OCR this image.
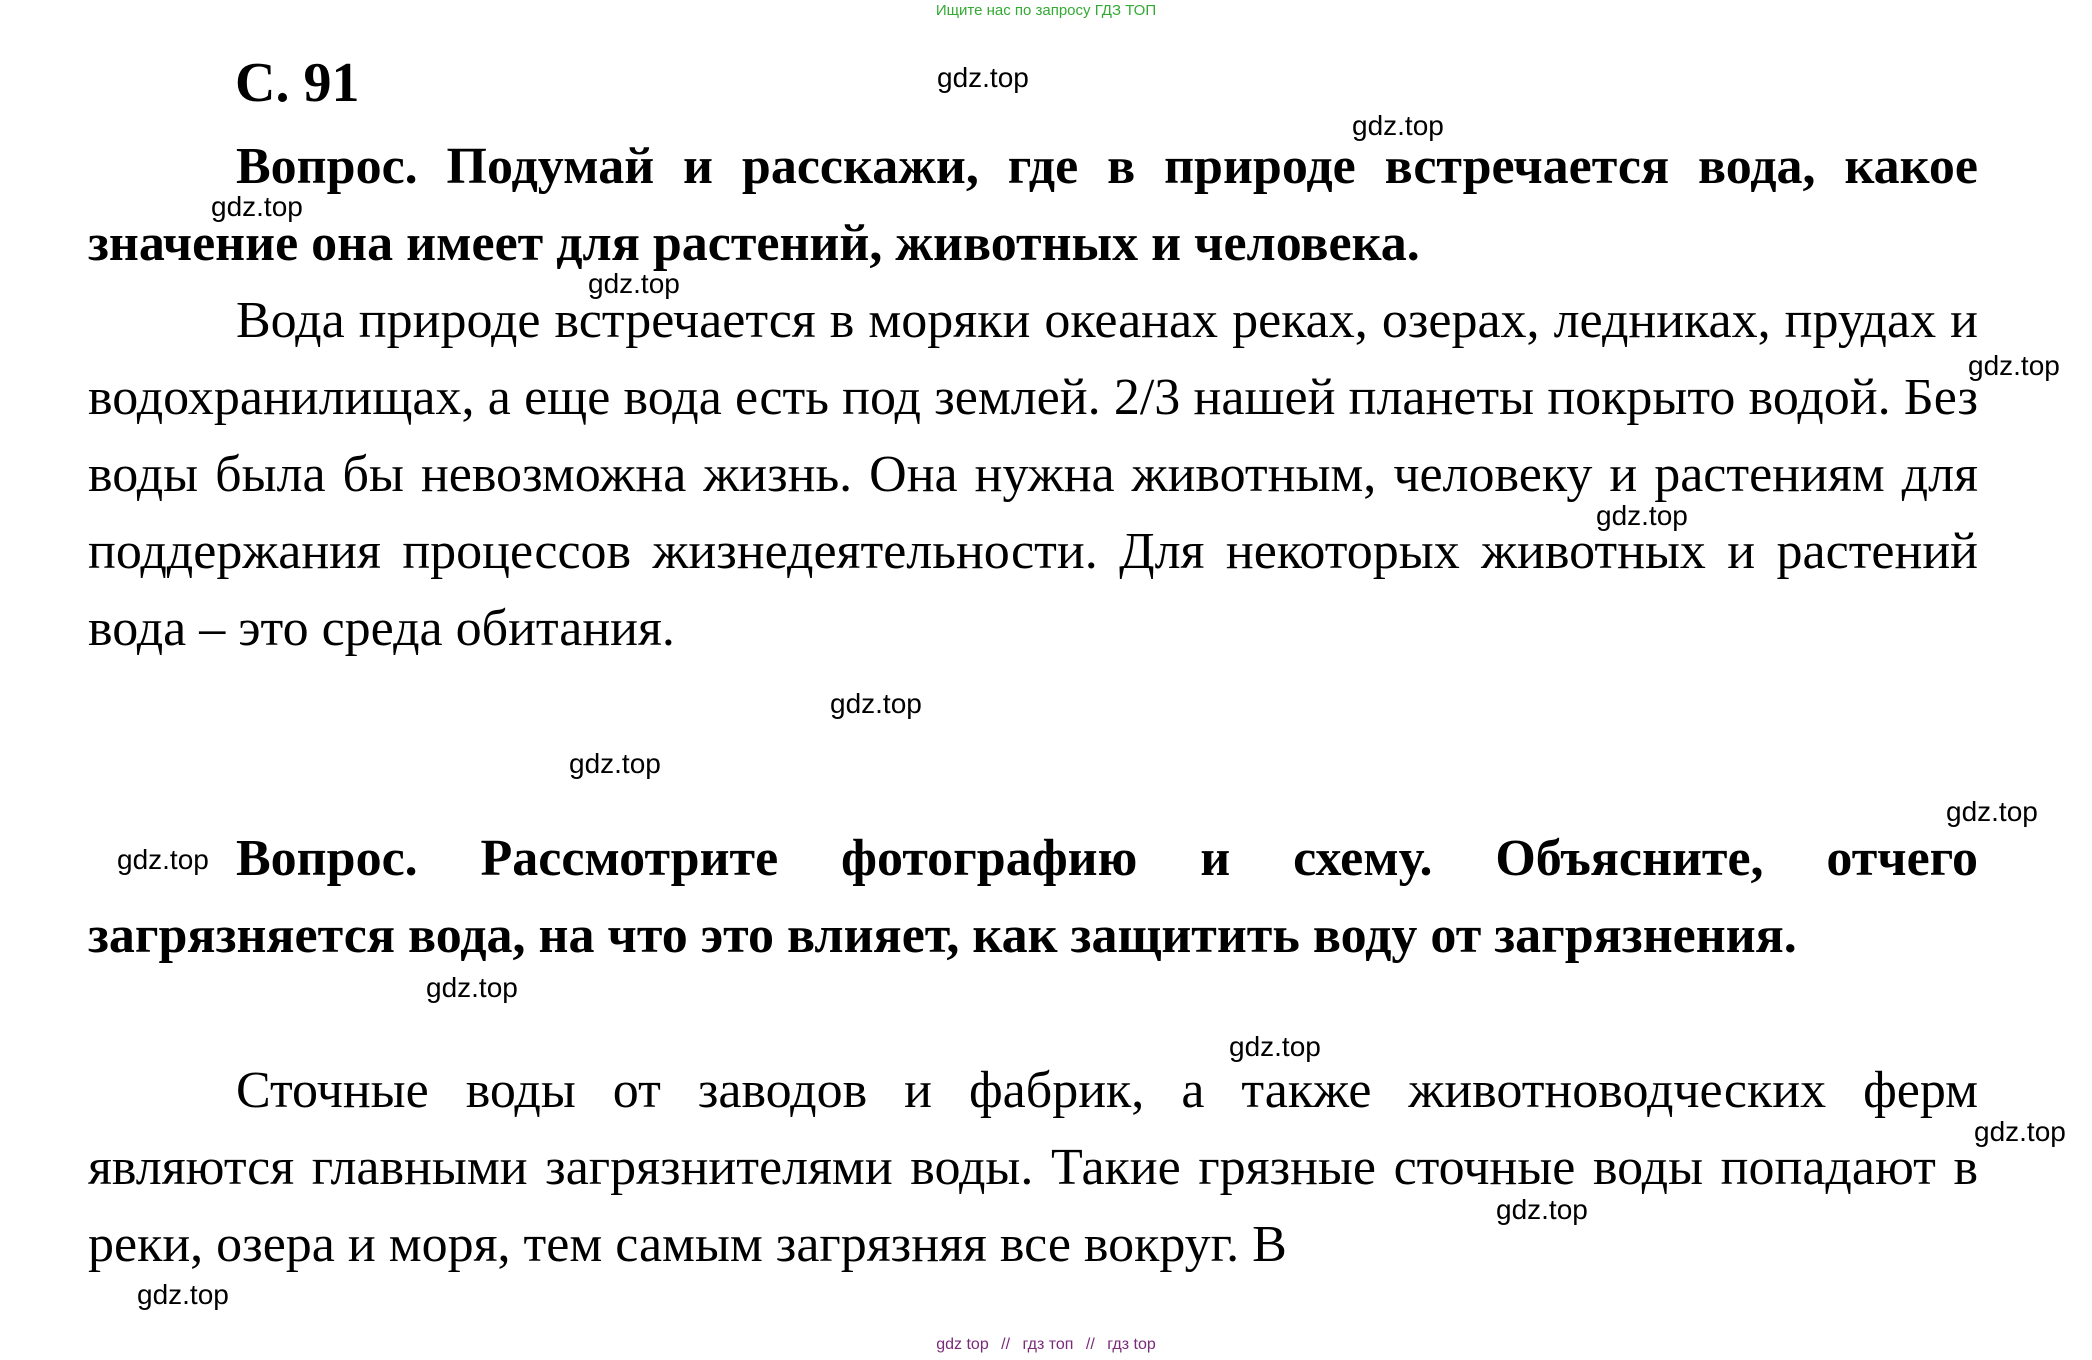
Ищите нас по запросу ГДЗ ТОП
С. 91

Вопрос. Подумай и расскажи, где в природе встречается вода, какое значение она имеет для растений, животных и человека.

Вода природе встречается в моряки океанах реках, озерах, ледниках, прудах и водохранилищах, а еще вода есть под землей. 2/3 нашей планеты покрыто водой. Без воды была бы невозможна жизнь. Она нужна животным, человеку и растениям для поддержания процессов жизнедеятельности. Для некоторых животных и растений вода – это среда обитания.

Вопрос. Рассмотрите фотографию и схему. Объясните, отчего загрязняется вода, на что это влияет, как защитить воду от загрязнения.

Сточные воды от заводов и фабрик, а также животноводческих ферм являются главными загрязнителями воды. Такие грязные сточные воды попадают в реки, озера и моря, тем самым загрязняя все вокруг. В

gdz.top
gdz.top
gdz.top
gdz.top
gdz.top
gdz.top
gdz.top
gdz.top
gdz.top
gdz.top
gdz.top
gdz.top
gdz.top
gdz.top
gdz.top
gdz top // гдз топ // гдз top
